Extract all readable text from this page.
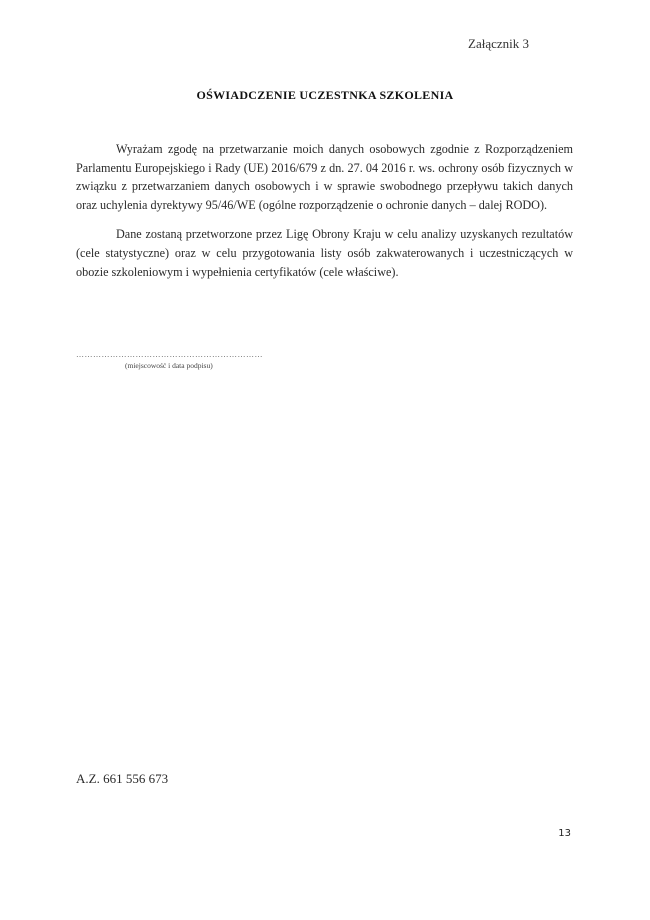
Załącznik 3
OŚWIADCZENIE UCZESTNKA SZKOLENIA

Wyrażam zgodę na przetwarzanie moich danych osobowych zgodnie z Rozporządzeniem Parlamentu Europejskiego i Rady (UE) 2016/679 z dn. 27. 04 2016 r. ws. ochrony osób fizycznych w związku z przetwarzaniem danych osobowych i w sprawie swobodnego przepływu takich danych oraz uchylenia dyrektywy 95/46/WE (ogólne rozporządzenie o ochronie danych – dalej RODO).

Dane zostaną przetworzone przez Ligę Obrony Kraju w celu analizy uzyskanych rezultatów (cele statystyczne) oraz w celu przygotowania listy osób zakwaterowanych i uczestniczących w obozie szkoleniowym i wypełnienia certyfikatów (cele właściwe).

…………………………………………………………
(miejscowość i data podpisu)
A.Z. 661 556 673
13
